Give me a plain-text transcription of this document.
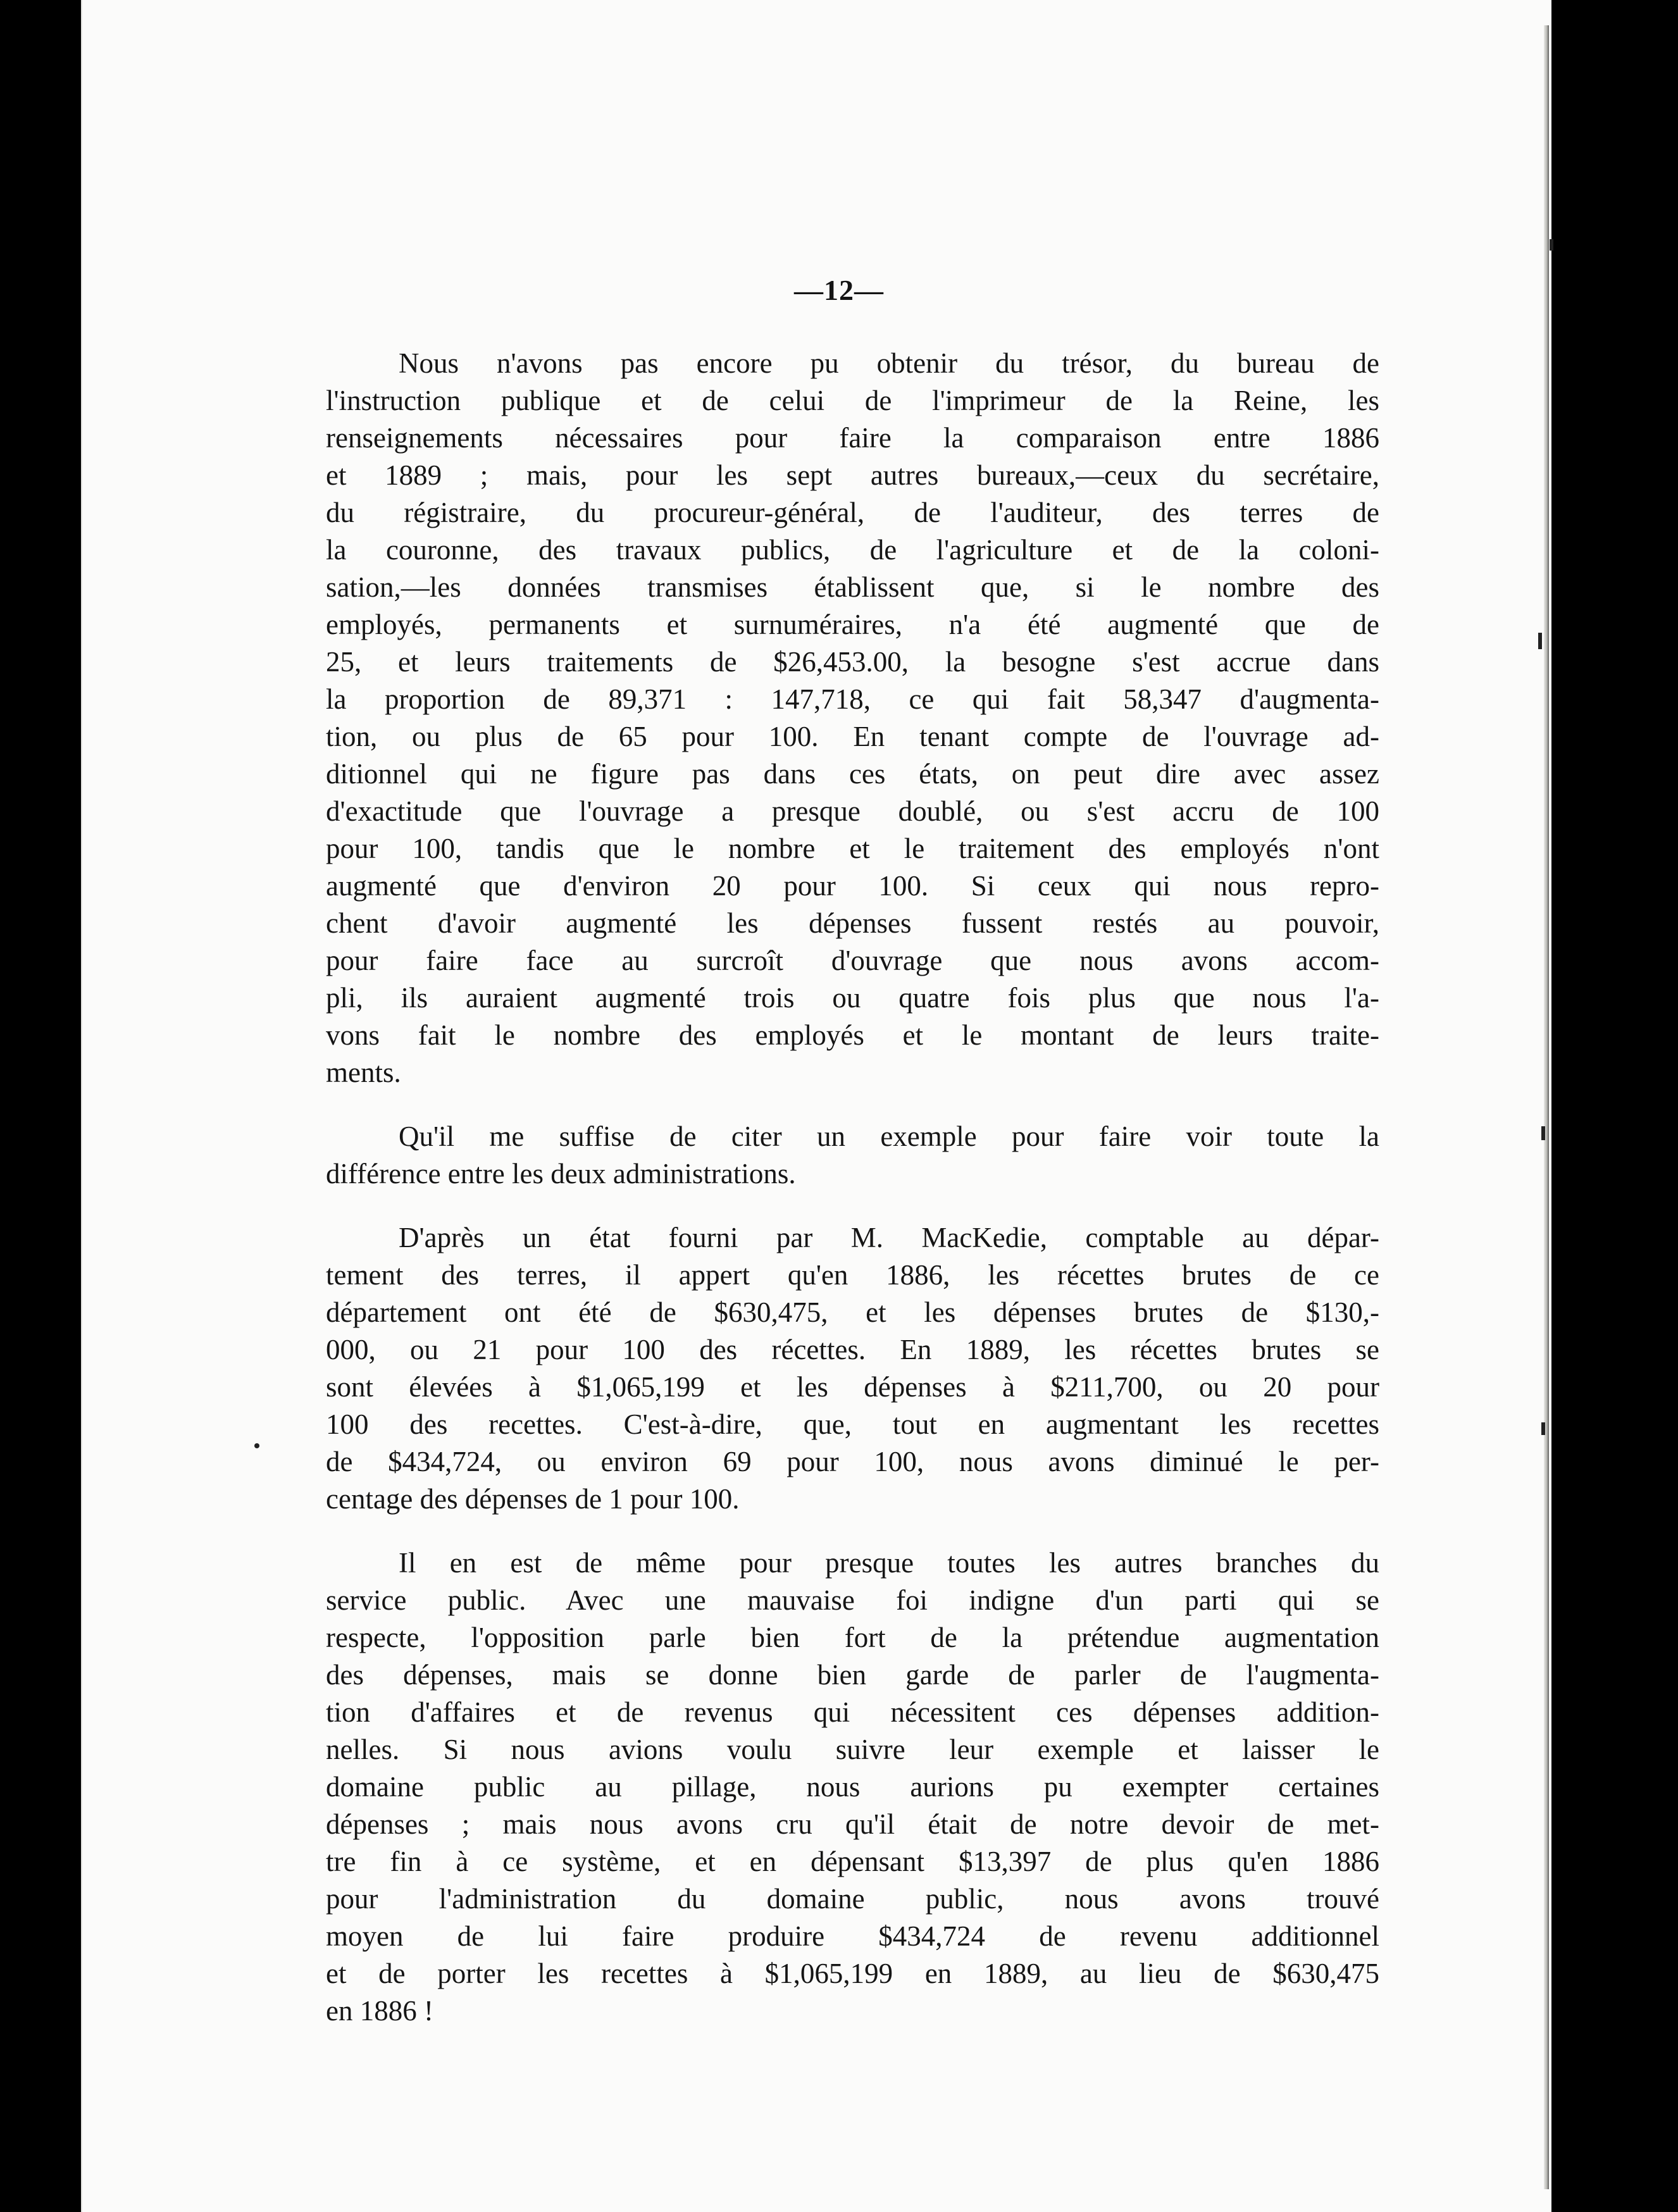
—12—
Nous n'avons pas encore pu obtenir du trésor, du bureau de
l'instruction publique et de celui de l'imprimeur de la Reine, les
renseignements nécessaires pour faire la comparaison entre 1886
et 1889 ; mais, pour les sept autres bureaux,—ceux du secrétaire,
du régistraire, du procureur-général, de l'auditeur, des terres de
la couronne, des travaux publics, de l'agriculture et de la coloni-
sation,—les données transmises établissent que, si le nombre des
employés, permanents et surnuméraires, n'a été augmenté que de
25, et leurs traitements de $26,453.00, la besogne s'est accrue dans
la proportion de 89,371 : 147,718, ce qui fait 58,347 d'augmenta-
tion, ou plus de 65 pour 100. En tenant compte de l'ouvrage ad-
ditionnel qui ne figure pas dans ces états, on peut dire avec assez
d'exactitude que l'ouvrage a presque doublé, ou s'est accru de 100
pour 100, tandis que le nombre et le traitement des employés n'ont
augmenté que d'environ 20 pour 100. Si ceux qui nous repro-
chent d'avoir augmenté les dépenses fussent restés au pouvoir,
pour faire face au surcroît d'ouvrage que nous avons accom-
pli, ils auraient augmenté trois ou quatre fois plus que nous l'a-
vons fait le nombre des employés et le montant de leurs traite-
ments.
Qu'il me suffise de citer un exemple pour faire voir toute la
différence entre les deux administrations.
D'après un état fourni par M. MacKedie, comptable au dépar-
tement des terres, il appert qu'en 1886, les récettes brutes de ce
département ont été de $630,475, et les dépenses brutes de $130,-
000, ou 21 pour 100 des récettes. En 1889, les récettes brutes se
sont élevées à $1,065,199 et les dépenses à $211,700, ou 20 pour
100 des recettes. C'est-à-dire, que, tout en augmentant les recettes
de $434,724, ou environ 69 pour 100, nous avons diminué le per-
centage des dépenses de 1 pour 100.
Il en est de même pour presque toutes les autres branches du
service public. Avec une mauvaise foi indigne d'un parti qui se
respecte, l'opposition parle bien fort de la prétendue augmentation
des dépenses, mais se donne bien garde de parler de l'augmenta-
tion d'affaires et de revenus qui nécessitent ces dépenses addition-
nelles. Si nous avions voulu suivre leur exemple et laisser le
domaine public au pillage, nous aurions pu exempter certaines
dépenses ; mais nous avons cru qu'il était de notre devoir de met-
tre fin à ce système, et en dépensant $13,397 de plus qu'en 1886
pour l'administration du domaine public, nous avons trouvé
moyen de lui faire produire $434,724 de revenu additionnel
et de porter les recettes à $1,065,199 en 1889, au lieu de $630,475
en 1886 !
